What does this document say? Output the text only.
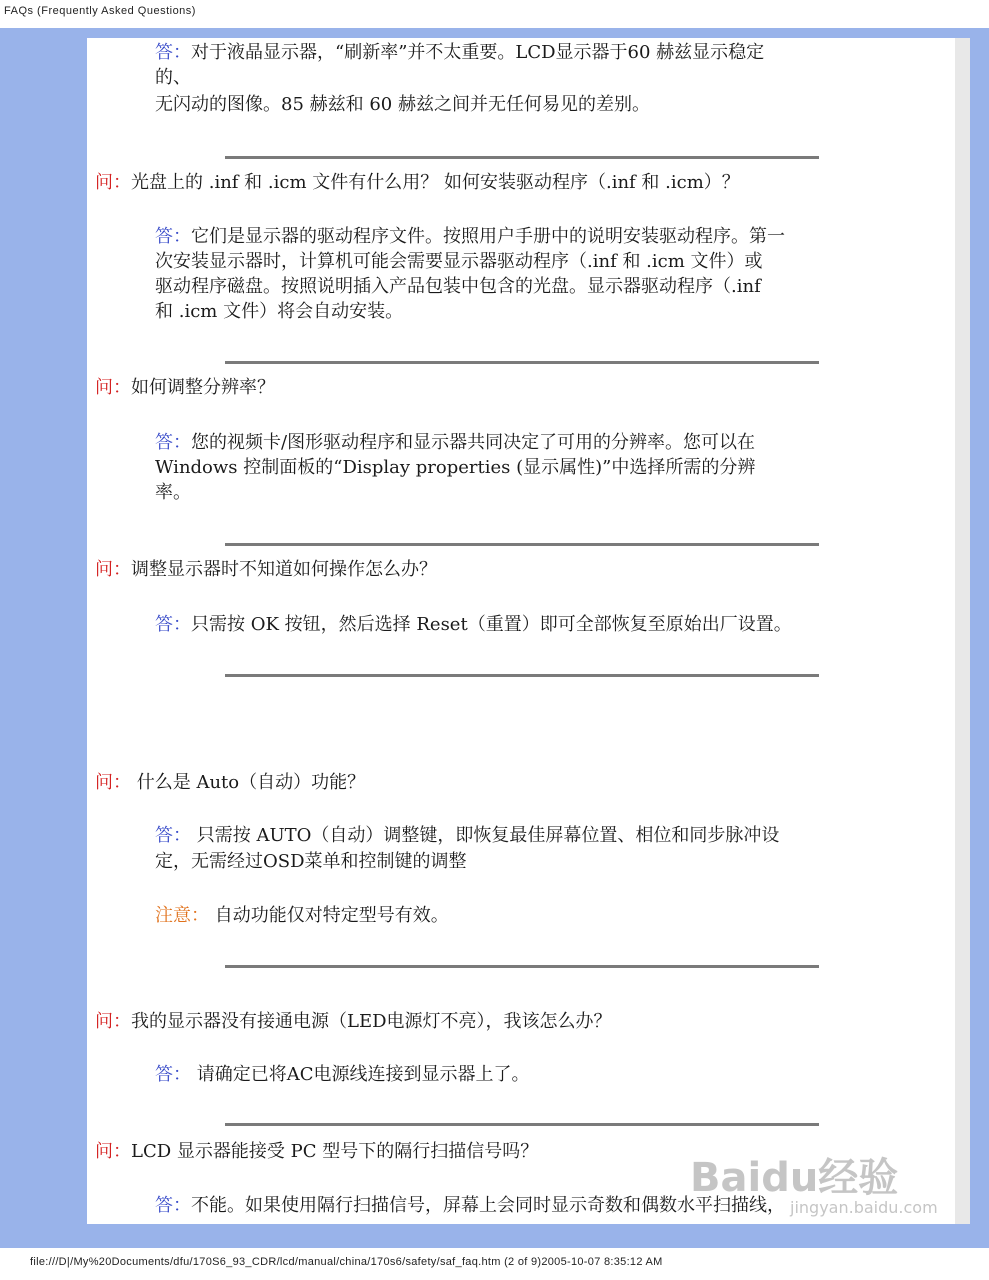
FAQs (Frequently Asked Questions)
答：对于液晶显示器，“刷新率”并不太重要。LCD显示器于60 赫兹显示稳定
的、
无闪动的图像。85 赫兹和 60 赫兹之间并无任何易见的差别。
问：光盘上的 .inf 和 .icm 文件有什么用？ 如何安装驱动程序（.inf 和 .icm）？
答：它们是显示器的驱动程序文件。按照用户手册中的说明安装驱动程序。第一
次安装显示器时，计算机可能会需要显示器驱动程序（.inf 和 .icm 文件）或
驱动程序磁盘。按照说明插入产品包装中包含的光盘。显示器驱动程序（.inf
和 .icm 文件）将会自动安装。
问：如何调整分辨率？
答：您的视频卡/图形驱动程序和显示器共同决定了可用的分辨率。您可以在
Windows 控制面板的“Display properties (显示属性)”中选择所需的分辨
率。
问：调整显示器时不知道如何操作怎么办？
答：只需按 OK 按钮，然后选择 Reset（重置）即可全部恢复至原始出厂设置。
问： 什么是 Auto（自动）功能？
答： 只需按 AUTO（自动）调整键，即恢复最佳屏幕位置、相位和同步脉冲设
定，无需经过OSD菜单和控制键的调整
注意： 自动功能仅对特定型号有效。
问：我的显示器没有接通电源（LED电源灯不亮），我该怎么办？
答： 请确定已将AC电源线连接到显示器上了。
问：LCD 显示器能接受 PC 型号下的隔行扫描信号吗？
答：不能。如果使用隔行扫描信号，屏幕上会同时显示奇数和偶数水平扫描线，
Baidu经验
jingyan.baidu.com
file:///D|/My%20Documents/dfu/170S6_93_CDR/lcd/manual/china/170s6/safety/saf_faq.htm (2 of 9)2005-10-07 8:35:12 AM
